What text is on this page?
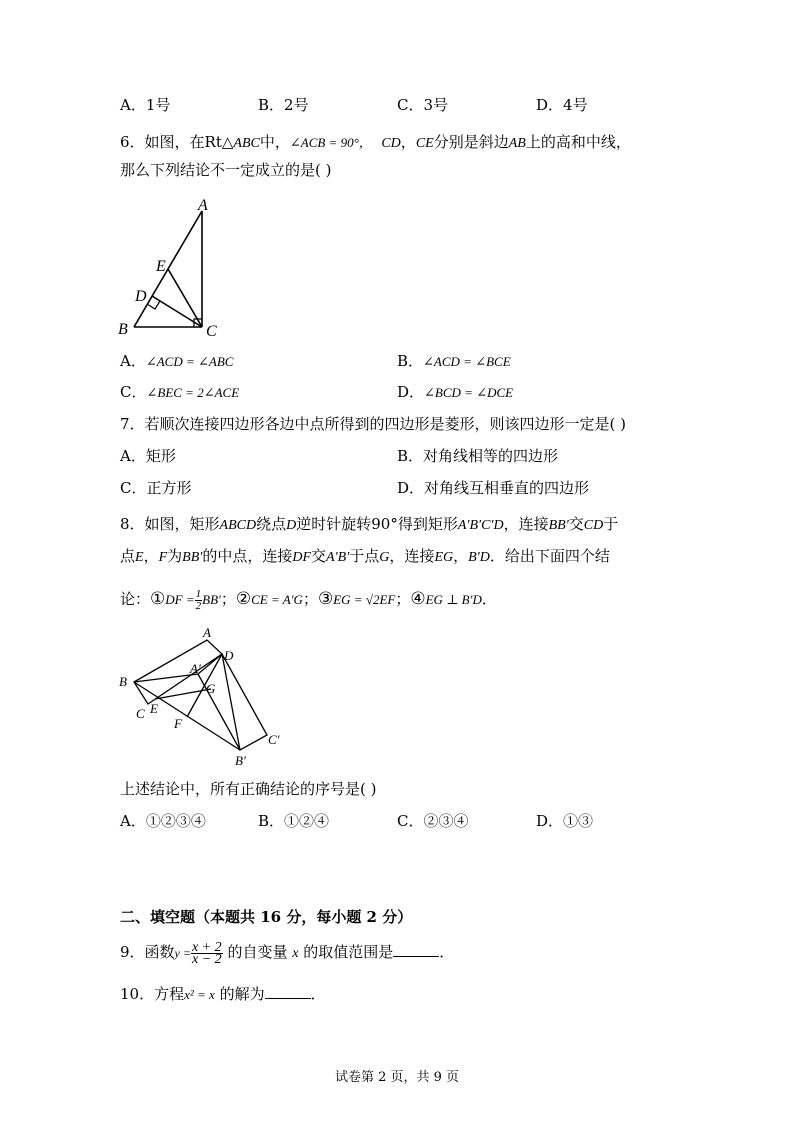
A．1号	B．2号	C．3号	D．4号
6．如图，在Rt△ABC中，∠ACB = 90°， CD，CE分别是斜边AB上的高和中线，
那么下列结论不一定成立的是( )
A
E
D
B	C
A．∠ACD = ∠ABC	B．∠ACD = ∠BCE
C．∠BEC = 2∠ACE	D．∠BCD = ∠DCE
7．若顺次连接四边形各边中点所得到的四边形是菱形，则该四边形一定是( )
A．矩形	B．对角线相等的四边形
C．正方形	D．对角线互相垂直的四边形
8．如图，矩形ABCD绕点D逆时针旋转90°得到矩形A′B′C′D，连接BB′交CD于
点E，F为BB′的中点，连接DF交A′B′于点G，连接EG，B′D．给出下面四个结
论：①DF = $\frac{1}{2} BB'$；②CE = A′G；③EG = √2EF；④EG ⊥ B′D．
A
B
C
D
E
F
G
A′
B′
C′
上述结论中，所有正确结论的序号是( )
A．①②③④	B．①②④	C．②③④	D．①③
二、填空题（本题共 16 分，每小题 2 分）
9．函数$y = \frac{x + 2}{x - 2}$ 的自变量 x 的取值范围是	．
10．方程x² = x 的解为	．
试卷第 2 页，共 9 页
